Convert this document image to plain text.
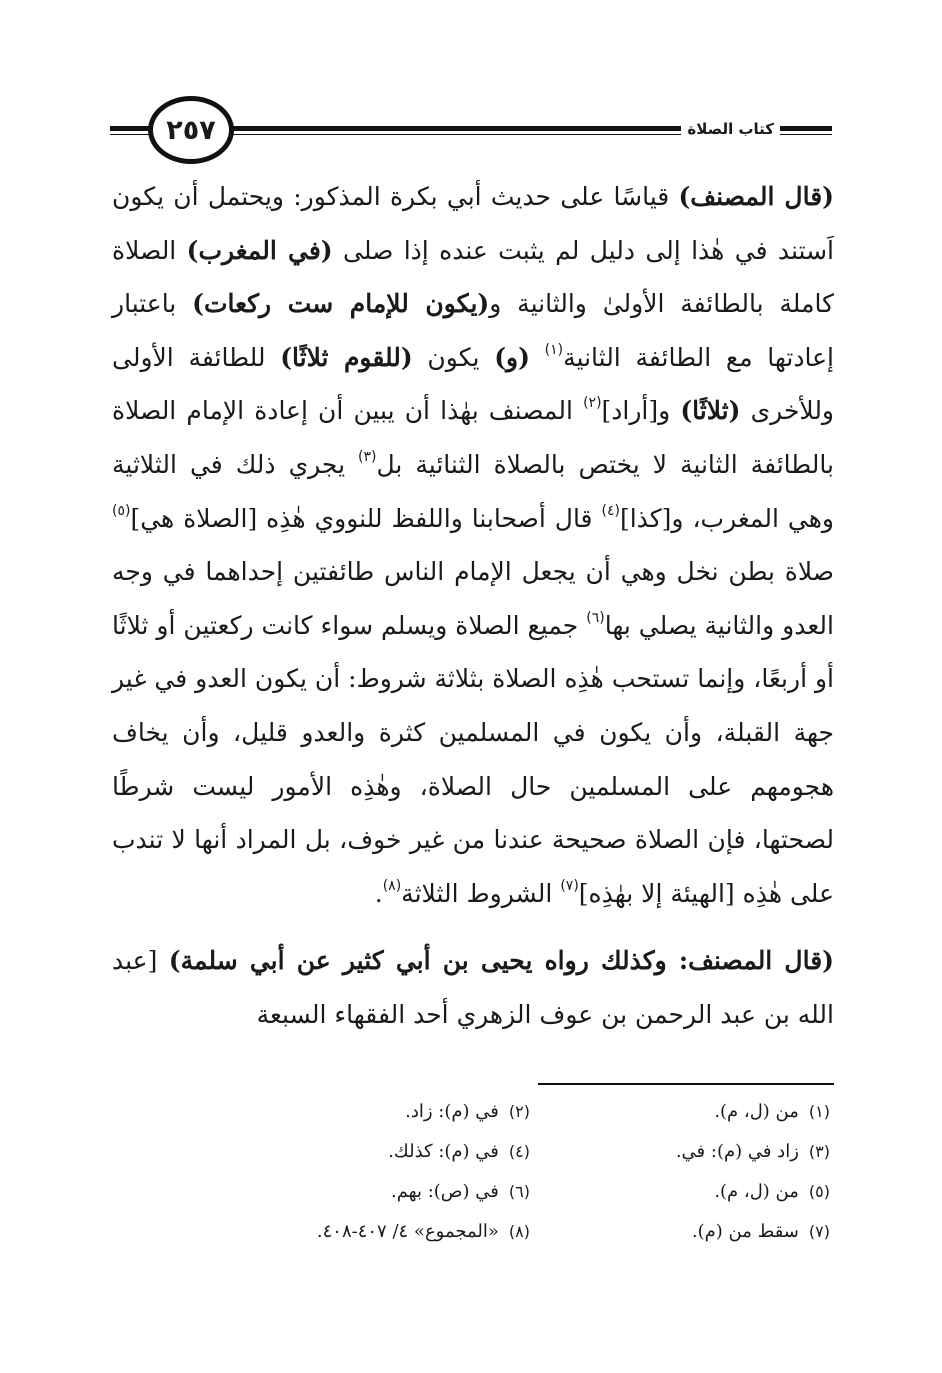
٢٥٧	كتاب الصلاة

(قال المصنف) قياسًا على حديث أبي بكرة المذكور: ويحتمل أن يكون اَستند في هٰذا إلى دليل لم يثبت عنده إذا صلى (في المغرب) الصلاة كاملة بالطائفة الأولىٰ والثانية و(يكون للإمام ست ركعات) باعتبار إعادتها مع الطائفة الثانية$^{(١)}$ (و) يكون (للقوم ثلاثًا) للطائفة الأولى وللأخرى (ثلاثًا) و[أراد]$^{(٢)}$ المصنف بهٰذا أن يبين أن إعادة الإمام الصلاة بالطائفة الثانية لا يختص بالصلاة الثنائية بل$^{(٣)}$ يجري ذلك في الثلاثية وهي المغرب، و[كذا]$^{(٤)}$ قال أصحابنا واللفظ للنووي هٰذِه [الصلاة هي]$^{(٥)}$ صلاة بطن نخل وهي أن يجعل الإمام الناس طائفتين إحداهما في وجه العدو والثانية يصلي بها$^{(٦)}$ جميع الصلاة ويسلم سواء كانت ركعتين أو ثلاثًا أو أربعًا، وإنما تستحب هٰذِه الصلاة بثلاثة شروط: أن يكون العدو في غير جهة القبلة، وأن يكون في المسلمين كثرة والعدو قليل، وأن يخاف هجومهم على المسلمين حال الصلاة، وهٰذِه الأمور ليست شرطًا لصحتها، فإن الصلاة صحيحة عندنا من غير خوف، بل المراد أنها لا تندب على هٰذِه [الهيئة إلا بهٰذِه]$^{(٧)}$ الشروط الثلاثة$^{(٨)}$.

(قال المصنف: وكذلك رواه يحيى بن أبي كثير عن أبي سلمة) [عبد الله بن عبد الرحمن بن عوف الزهري أحد الفقهاء السبعة

(١)من (ل، م).
(٢)في (م): زاد.
(٣)زاد في (م): في.
(٤)في (م): كذلك.
(٥)من (ل، م).
(٦)في (ص): بهم.
(٧)سقط من (م).
(٨)«المجموع» ٤/ ٤٠٧-٤٠٨.
